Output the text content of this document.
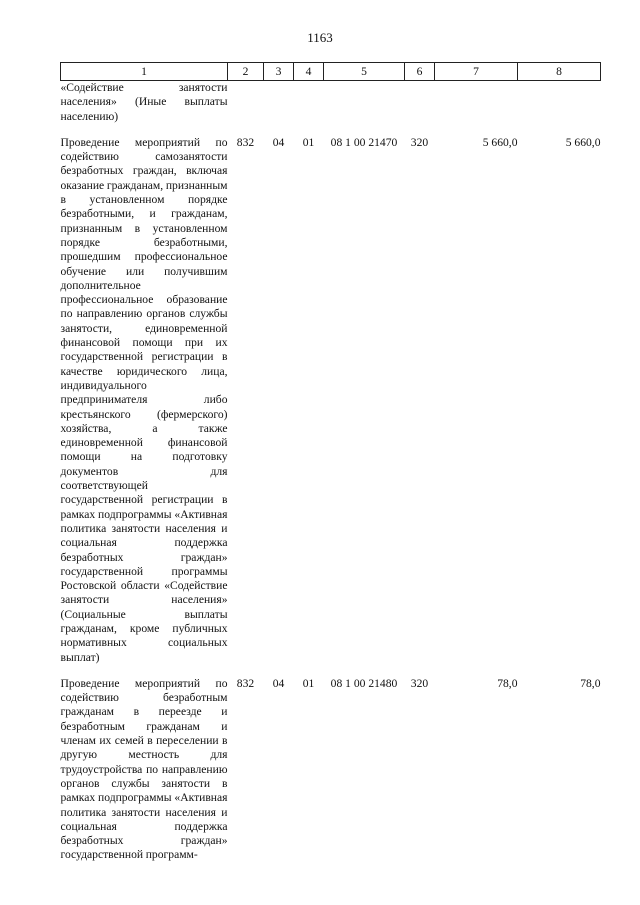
1163
1	2	3	4	5	6	7	8
«Содействие занятости населения» (Иные выплаты населению)							

Проведение мероприятий по содействию самозанятости безработных граждан, включая оказание гражданам, признанным в установленном порядке безработными, и гражданам, признанным в установленном порядке безработными, прошедшим профессиональное обучение или получившим дополнительное профессиональное образование по направлению органов службы занятости, единовременной финансовой помощи при их государственной регистрации в качестве юридического лица, индивидуального предпринимателя либо крестьянского (фермерского) хозяйства, а также единовременной финансовой помощи на подготовку документов для соответствующей государственной регистрации в рамках подпрограммы «Активная политика занятости населения и социальная поддержка безработных граждан» государственной программы Ростовской области «Содействие занятости населения» (Социальные выплаты гражданам, кроме публичных нормативных социальных выплат)	832	04	01	08 1 00 21470	320	5 660,0	5 660,0

Проведение мероприятий по содействию безработным гражданам в переезде и безработным гражданам и членам их семей в переселении в другую местность для трудоустройства по направлению органов службы занятости в рамках подпрограммы «Активная политика занятости населения и социальная поддержка безработных граждан» государственной программ-	832	04	01	08 1 00 21480	320	78,0	78,0
